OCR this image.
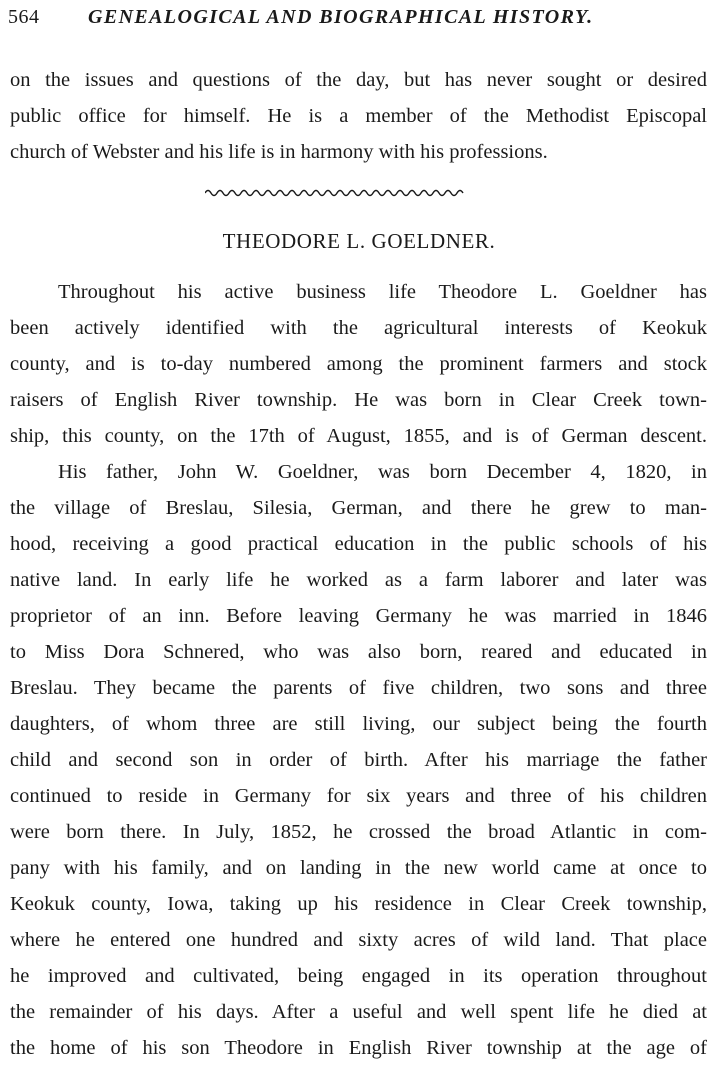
564 GENEALOGICAL AND BIOGRAPHICAL HISTORY.
on the issues and questions of the day, but has never sought or desired
public office for himself. He is a member of the Methodist Episcopal
church of Webster and his life is in harmony with his professions.
THEODORE L. GOELDNER.
Throughout his active business life Theodore L. Goeldner has
been actively identified with the agricultural interests of Keokuk
county, and is to-day numbered among the prominent farmers and stock
raisers of English River township. He was born in Clear Creek town-
ship, this county, on the 17th of August, 1855, and is of German descent.
His father, John W. Goeldner, was born December 4, 1820, in
the village of Breslau, Silesia, German, and there he grew to man-
hood, receiving a good practical education in the public schools of his
native land. In early life he worked as a farm laborer and later was
proprietor of an inn. Before leaving Germany he was married in 1846
to Miss Dora Schnered, who was also born, reared and educated in
Breslau. They became the parents of five children, two sons and three
daughters, of whom three are still living, our subject being the fourth
child and second son in order of birth. After his marriage the father
continued to reside in Germany for six years and three of his children
were born there. In July, 1852, he crossed the broad Atlantic in com-
pany with his family, and on landing in the new world came at once to
Keokuk county, Iowa, taking up his residence in Clear Creek township,
where he entered one hundred and sixty acres of wild land. That place
he improved and cultivated, being engaged in its operation throughout
the remainder of his days. After a useful and well spent life he died at
the home of his son Theodore in English River township at the age of
